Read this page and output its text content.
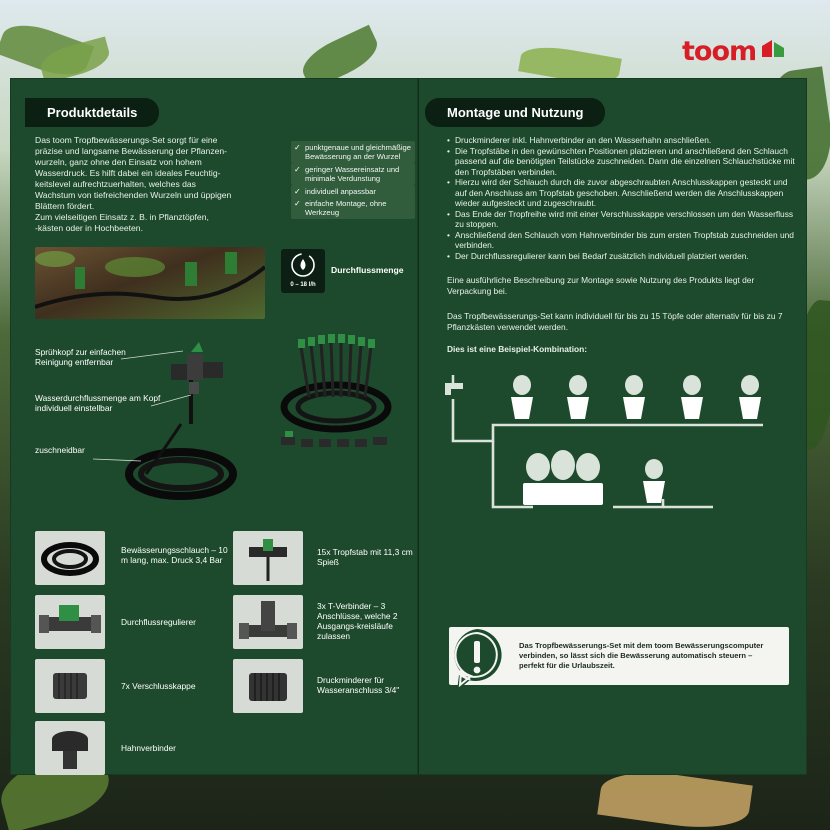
toom
Produktdetails
Das toom Tropfbewässerungs-Set sorgt für eine
präzise und langsame Bewässerung der Pflanzen-
wurzeln, ganz ohne den Einsatz von hohem
Wasserdruck. Es hilft dabei ein ideales Feuchtig-
keitslevel aufrechtzuerhalten, welches das
Wachstum von tiefreichenden Wurzeln und üppigen
Blättern fördert.
Zum vielseitigen Einsatz z. B. in Pflanztöpfen,
-kästen oder in Hochbeeten.
✓ punktgenaue und gleichmäßige Bewässerung an der Wurzel
✓ geringer Wassereinsatz und minimale Verdunstung
✓ individuell anpassbar
✓ einfache Montage, ohne Werkzeug
0 – 18 l/h
Durchflussmenge
Sprühkopf zur einfachen Reinigung entfernbar
Wasserdurchflussmenge am Kopf individuell einstellbar
zuschneidbar
Bewässerungsschlauch – 10 m lang, max. Druck 3,4 Bar
15x Tropfstab mit 11,3 cm Spieß
Durchflussregulierer
3x T-Verbinder – 3 Anschlüsse, welche 2 Ausgangs-kreisläufe zulassen
7x Verschlusskappe
Druckminderer für Wasseranschluss 3/4"
Hahnverbinder
Montage und Nutzung
• Druckminderer inkl. Hahnverbinder an den Wasserhahn anschließen.
• Die Tropfstäbe in den gewünschten Positionen platzieren und anschließend den Schlauch passend auf die benötigten Teilstücke zuschneiden. Dann die einzelnen Schlauchstücke mit den Tropfstäben verbinden.
• Hierzu wird der Schlauch durch die zuvor abgeschraubten Anschlusskappen gesteckt und auf den Anschluss am Tropfstab geschoben. Anschließend werden die Anschlusskappen wieder aufgesteckt und zugeschraubt.
• Das Ende der Tropfreihe wird mit einer Verschlusskappe verschlossen um den Wasserfluss zu stoppen.
• Anschließend den Schlauch vom Hahnverbinder bis zum ersten Tropfstab zuschneiden und verbinden.
• Der Durchflussregulierer kann bei Bedarf zusätzlich individuell platziert werden.
Eine ausführliche Beschreibung zur Montage sowie Nutzung des Produkts liegt der Verpackung bei.
Das Tropfbewässerungs-Set kann individuell für bis zu 15 Töpfe oder alternativ für bis zu 7 Pflanzkästen verwendet werden.
Dies ist eine Beispiel-Kombination:
Das Tropfbewässerungs-Set mit dem toom Bewässerungscomputer verbinden, so lässt sich die Bewässerung automatisch steuern – perfekt für die Urlaubszeit.
